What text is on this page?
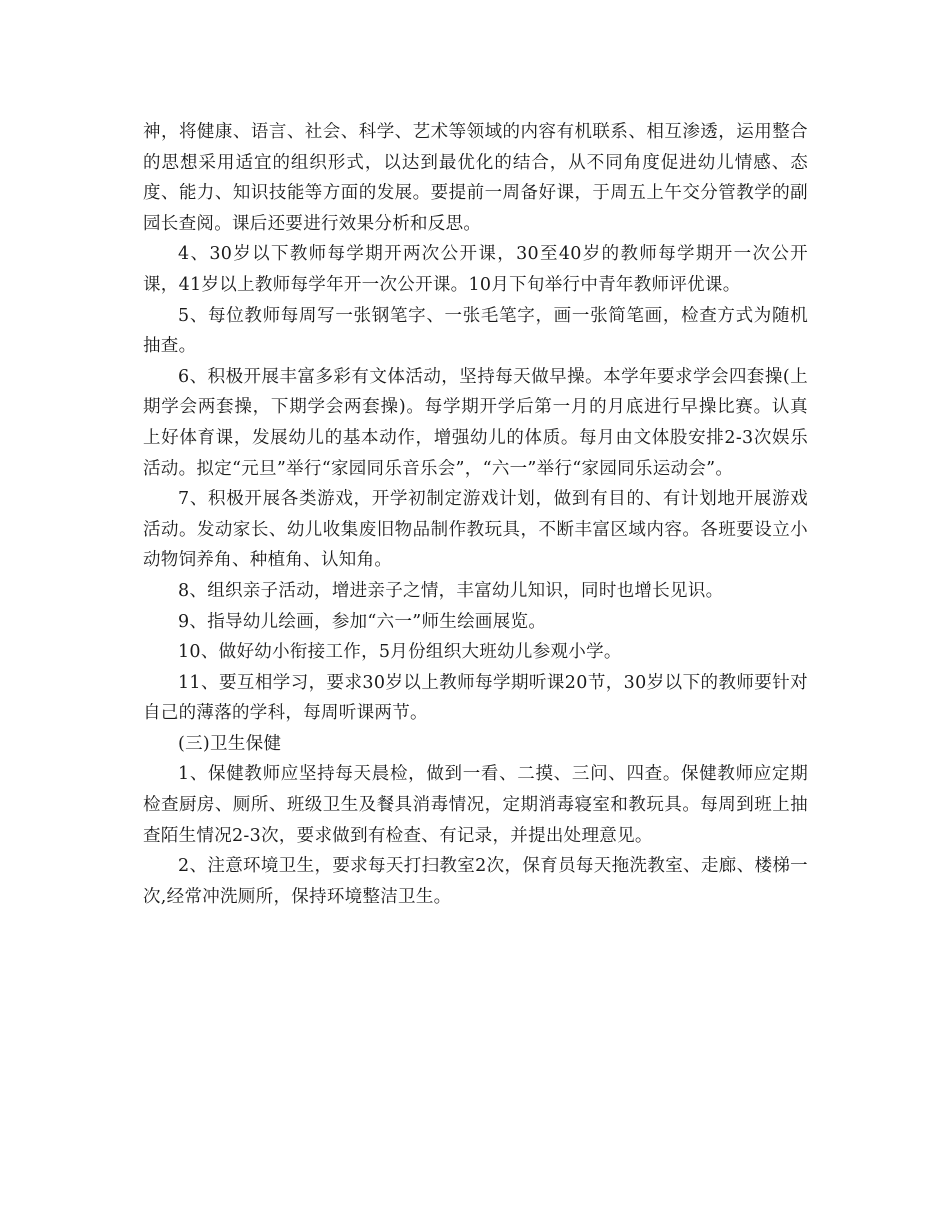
神，将健康、语言、社会、科学、艺术等领域的内容有机联系、相互渗透，运用整合的思想采用适宜的组织形式，以达到最优化的结合，从不同角度促进幼儿情感、态度、能力、知识技能等方面的发展。要提前一周备好课，于周五上午交分管教学的副园长查阅。课后还要进行效果分析和反思。

4、30岁以下教师每学期开两次公开课，30至40岁的教师每学期开一次公开课，41岁以上教师每学年开一次公开课。10月下旬举行中青年教师评优课。

5、每位教师每周写一张钢笔字、一张毛笔字，画一张简笔画，检查方式为随机抽查。

6、积极开展丰富多彩有文体活动，坚持每天做早操。本学年要求学会四套操(上期学会两套操，下期学会两套操)。每学期开学后第一月的月底进行早操比赛。认真上好体育课，发展幼儿的基本动作，增强幼儿的体质。每月由文体股安排2-3次娱乐活动。拟定“元旦”举行“家园同乐音乐会”，“六一”举行“家园同乐运动会”。

7、积极开展各类游戏，开学初制定游戏计划，做到有目的、有计划地开展游戏活动。发动家长、幼儿收集废旧物品制作教玩具，不断丰富区域内容。各班要设立小动物饲养角、种植角、认知角。

8、组织亲子活动，增进亲子之情，丰富幼儿知识，同时也增长见识。

9、指导幼儿绘画，参加“六一”师生绘画展览。

10、做好幼小衔接工作，5月份组织大班幼儿参观小学。

11、要互相学习，要求30岁以上教师每学期听课20节，30岁以下的教师要针对自己的薄落的学科，每周听课两节。

(三)卫生保健

1、保健教师应坚持每天晨检，做到一看、二摸、三问、四查。保健教师应定期检查厨房、厕所、班级卫生及餐具消毒情况，定期消毒寝室和教玩具。每周到班上抽查陌生情况2-3次，要求做到有检查、有记录，并提出处理意见。

2、注意环境卫生，要求每天打扫教室2次，保育员每天拖洗教室、走廊、楼梯一次,经常冲洗厕所，保持环境整洁卫生。
